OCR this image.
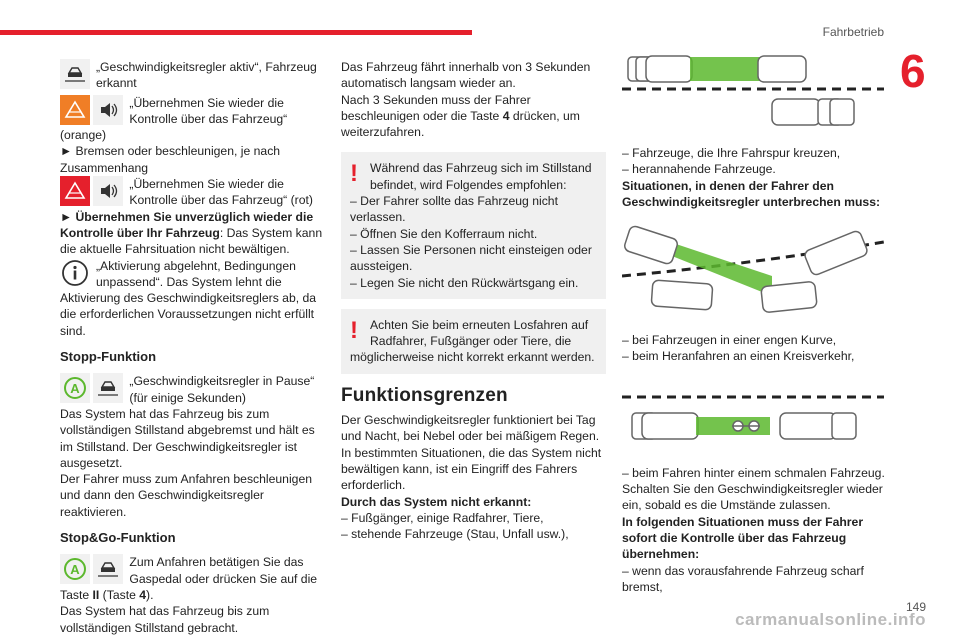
Fahrbetrieb
6

„Geschwindigkeitsregler aktiv“, Fahrzeug erkannt

„Übernehmen Sie wieder die Kontrolle über das Fahrzeug“

(orange)

► Bremsen oder beschleunigen, je nach Zusammenhang

„Übernehmen Sie wieder die Kontrolle über das Fahrzeug“ (rot)

► Übernehmen Sie unverzüglich wieder die Kontrolle über Ihr Fahrzeug: Das System kann die aktuelle Fahrsituation nicht bewältigen.

„Aktivierung abgelehnt, Bedingungen unpassend“. Das System lehnt die Aktivierung des Geschwindigkeitsreglers ab, da die erforderlichen Voraussetzungen nicht erfüllt sind.

Stopp-Funktion
A
	„Geschwindigkeitsregler in Pause“ (für einige Sekunden)

Das System hat das Fahrzeug bis zum vollständigen Stillstand abgebremst und hält es im Stillstand. Der Geschwindigkeitsregler ist ausgesetzt.

Der Fahrer muss zum Anfahren beschleunigen und dann den Geschwindigkeitsregler reaktivieren.

Stop&Go-Funktion
A
	Zum Anfahren betätigen Sie das Gaspedal oder drücken Sie auf die Taste II (Taste 4).

Das System hat das Fahrzeug bis zum vollständigen Stillstand gebracht.

Das Fahrzeug fährt innerhalb von 3 Sekunden automatisch langsam wieder an.

Nach 3 Sekunden muss der Fahrer beschleunigen oder die Taste 4 drücken, um weiterzufahren.

! Während das Fahrzeug sich im Stillstand befindet, wird Folgendes empfohlen:

– Der Fahrer sollte das Fahrzeug nicht verlassen.

– Öffnen Sie den Kofferraum nicht.

– Lassen Sie Personen nicht einsteigen oder aussteigen.

– Legen Sie nicht den Rückwärtsgang ein.

! Achten Sie beim erneuten Losfahren auf Radfahrer, Fußgänger oder Tiere, die möglicherweise nicht korrekt erkannt werden.

Funktionsgrenzen

Der Geschwindigkeitsregler funktioniert bei Tag und Nacht, bei Nebel oder bei mäßigem Regen.

In bestimmten Situationen, die das System nicht bewältigen kann, ist ein Eingriff des Fahrers erforderlich.

Durch das System nicht erkannt:

– Fußgänger, einige Radfahrer, Tiere,

– stehende Fahrzeuge (Stau, Unfall usw.),

– Fahrzeuge, die Ihre Fahrspur kreuzen,

– herannahende Fahrzeuge.

Situationen, in denen der Fahrer den Geschwindigkeitsregler unterbrechen muss:

– bei Fahrzeugen in einer engen Kurve,

– beim Heranfahren an einen Kreisverkehr,

– beim Fahren hinter einem schmalen Fahrzeug.

Schalten Sie den Geschwindigkeitsregler wieder ein, sobald es die Umstände zulassen.

In folgenden Situationen muss der Fahrer sofort die Kontrolle über das Fahrzeug übernehmen:

– wenn das vorausfahrende Fahrzeug scharf bremst,

carmanualsonline.info
149
